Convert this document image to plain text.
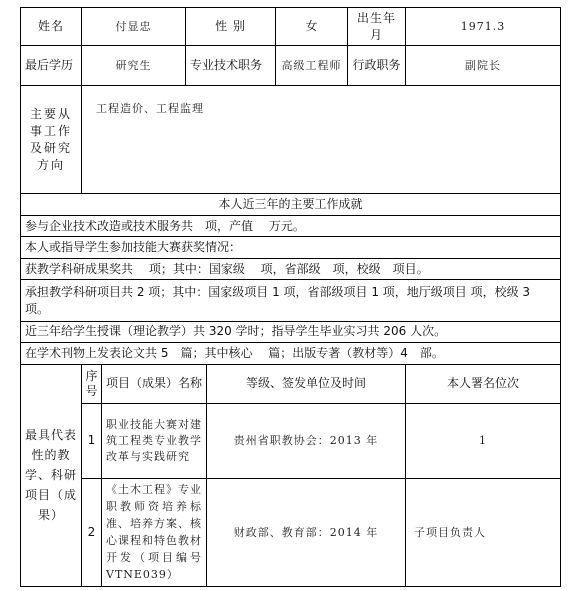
姓名	付显忠		性 别		女	出生年月	1971.3
最后学历	研究生		专业技术职务		高级工程师	行政职务	副院长
主要从事工作及研究方向	工程造价、工程监理						
本人近三年的主要工作成就							
参与企业技术改造或技术服务共　项，产值　 万元。							
本人或指导学生参加技能大赛获奖情况：							
获教学科研成果奖共　 项；其中：国家级　 项，省部级　项，校级　项目。							
承担教学科研项目共 2 项；其中：国家级项目 1 项，省部级项目 1 项，地厅级项目 项，校级 3 项。							
近三年给学生授课（理论教学）共 320 学时；指导学生毕业实习共 206 人次。							
在学术刊物上发表论文共 5　篇；其中核心　 篇；出版专著（教材等）4　部。							
最具代表性的教学、科研项目（成果）	序号	项目（成果）名称		等级、签发单位及时间			本人署名位次
	1	职业技能大赛对建筑工程类专业教学改革与实践研究		贵州省职教协会：2013 年			1
	2	《土木工程》专业职教师资培养标准、培养方案、核心课程和特色教材开发（项目编号 VTNE039）		财政部、教育部：2014 年			子项目负责人
